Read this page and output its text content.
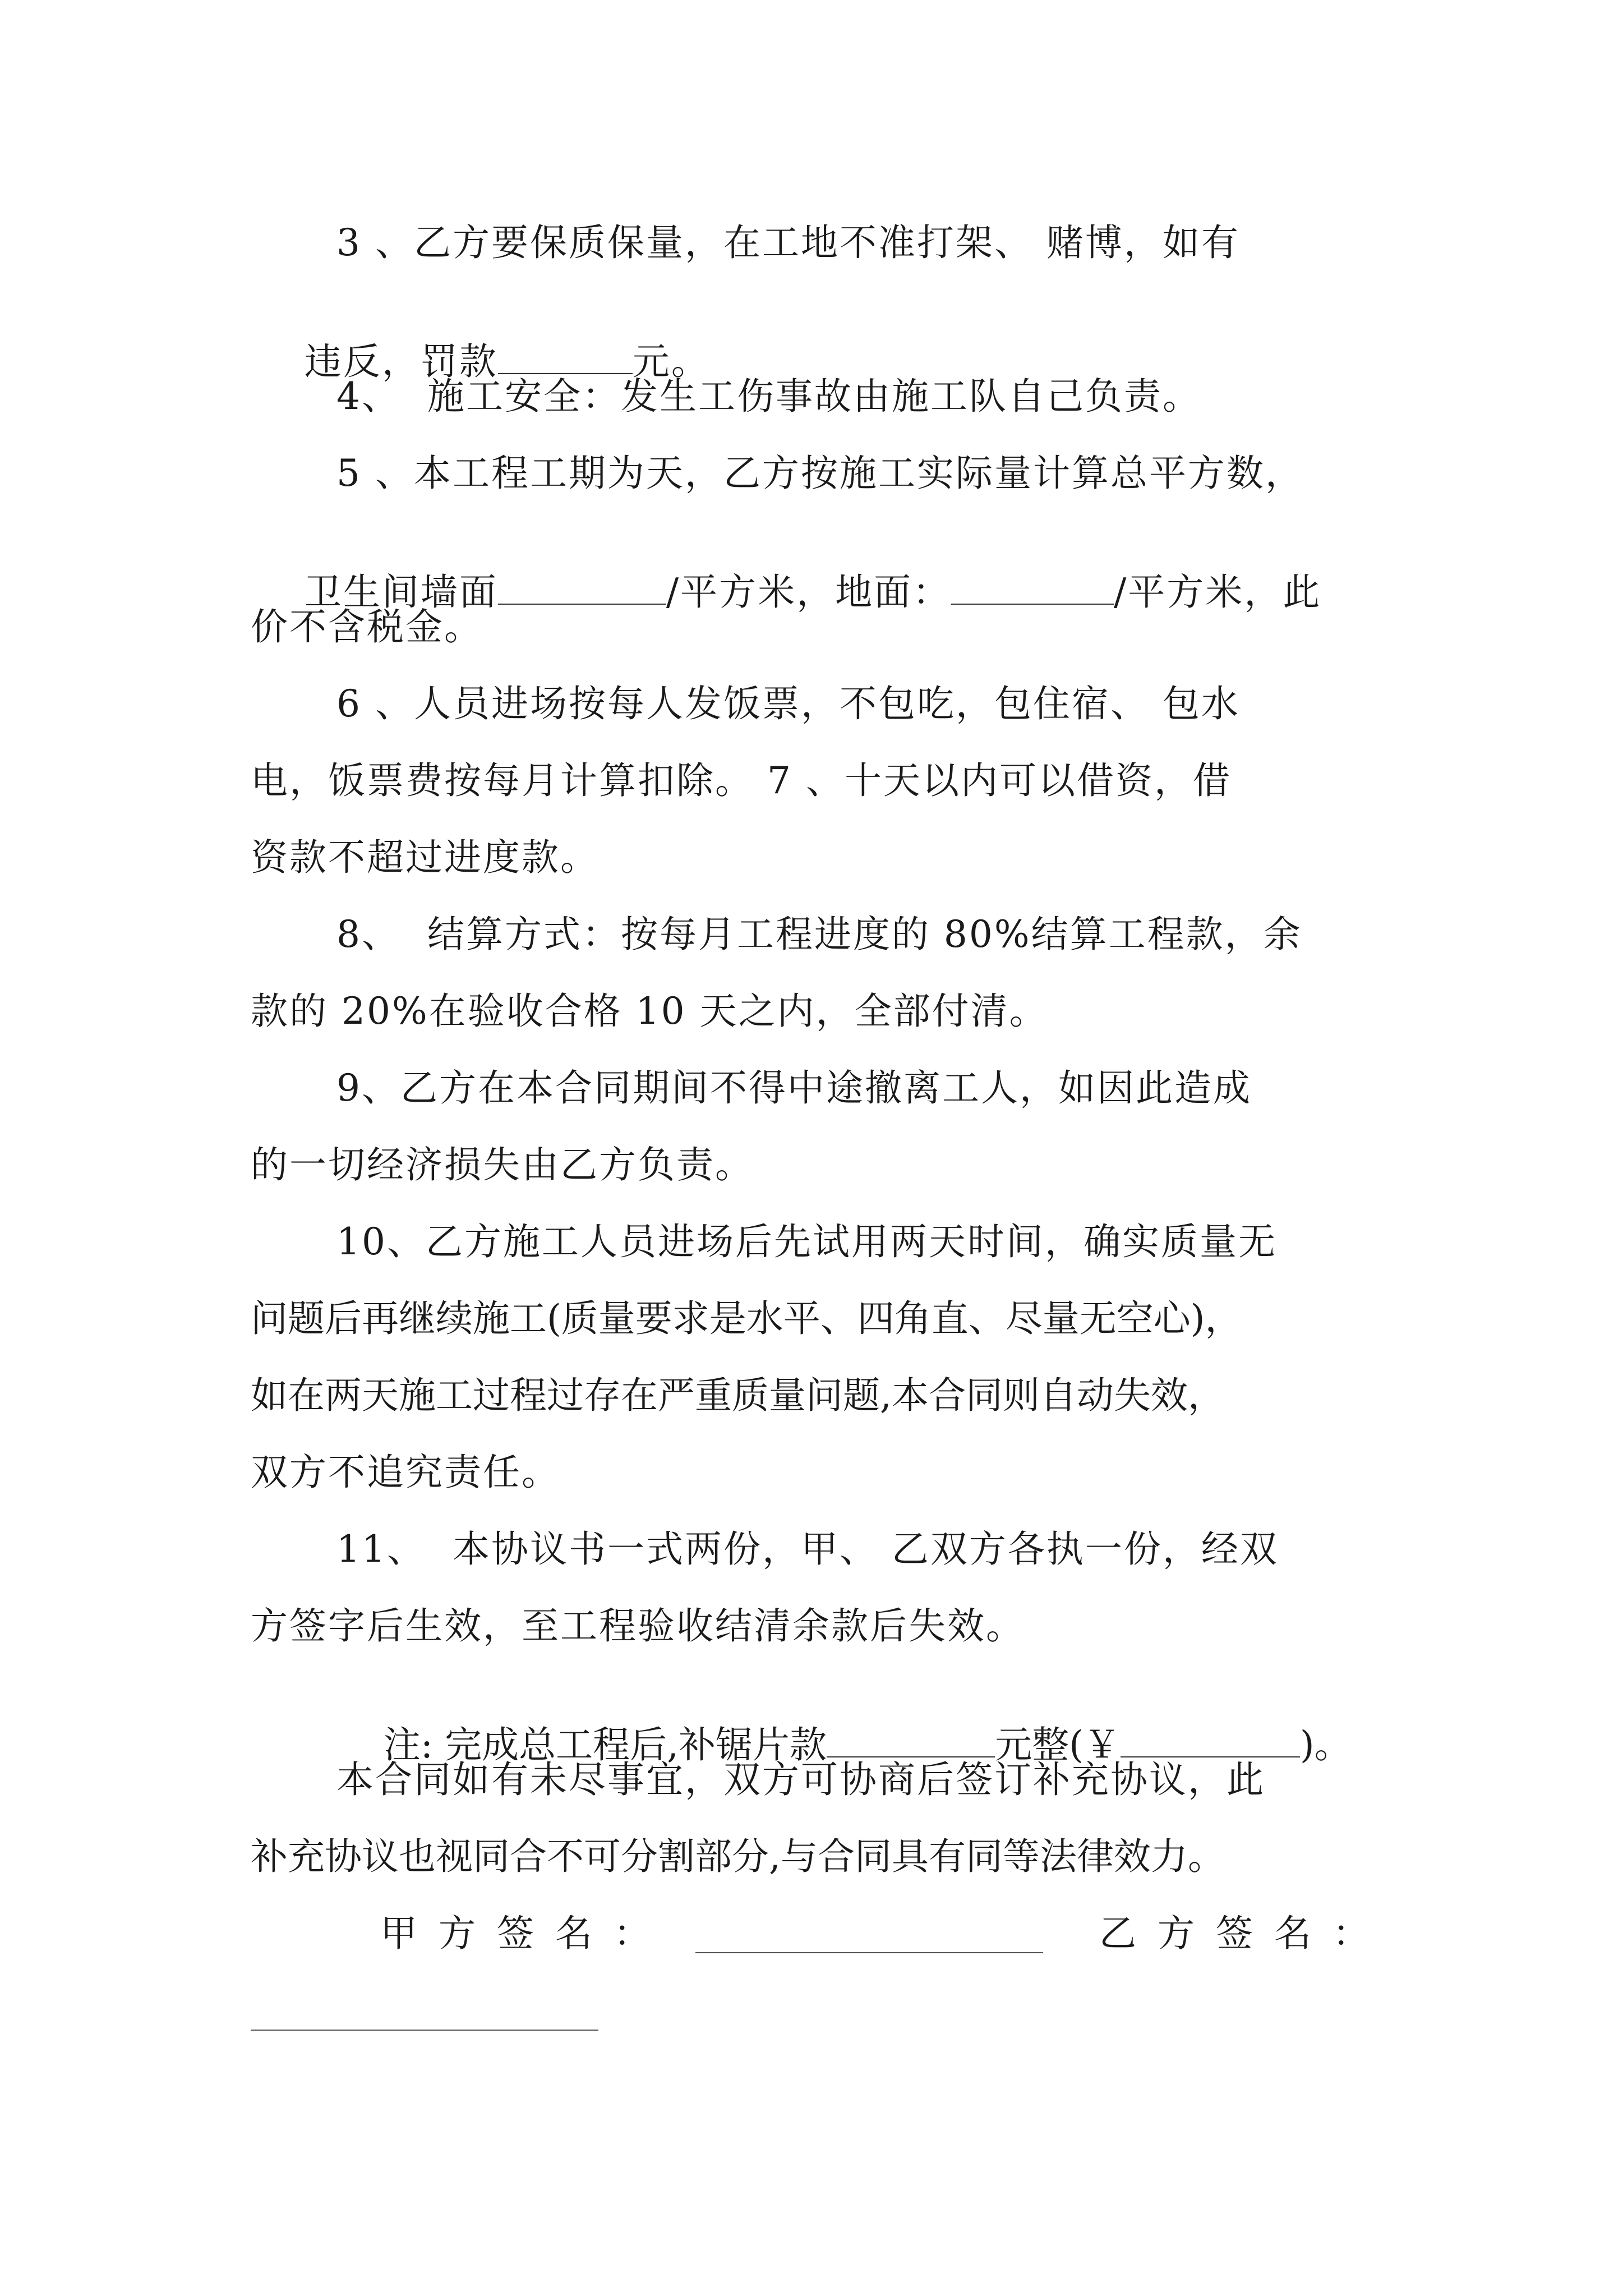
3 、乙方要保质保量，在工地不准打架、 赌博，如有

违反，罚款	元。

4、  施工安全：发生工伤事故由施工队自己负责。
5 、本工程工期为天，乙方按施工实际量计算总平方数，

卫生间墙面	/平方米，地面：	/平方米，此

价不含税金。
6 、人员进场按每人发饭票，不包吃，包住宿、 包水
电，饭票费按每月计算扣除。 7 、十天以内可以借资，借
资款不超过进度款。
8、  结算方式：按每月工程进度的 80%结算工程款，余
款的 20%在验收合格 10 天之内，全部付清。
9、乙方在本合同期间不得中途撤离工人，如因此造成
的一切经济损失由乙方负责。
10、乙方施工人员进场后先试用两天时间，确实质量无
问题后再继续施工(质量要求是水平、四角直、尽量无空心)，
如在两天施工过程过存在严重质量问题,本合同则自动失效，
双方不追究责任。
11、  本协议书一式两份，甲、 乙双方各执一份，经双
方签字后生效，至工程验收结清余款后失效。

注: 完成总工程后,补锯片款	元整(￥	)。

本合同如有未尽事宜，双方可协商后签订补充协议，此
补充协议也视同合不可分割部分,与合同具有同等法律效力。
甲方签名：	乙方签名：
